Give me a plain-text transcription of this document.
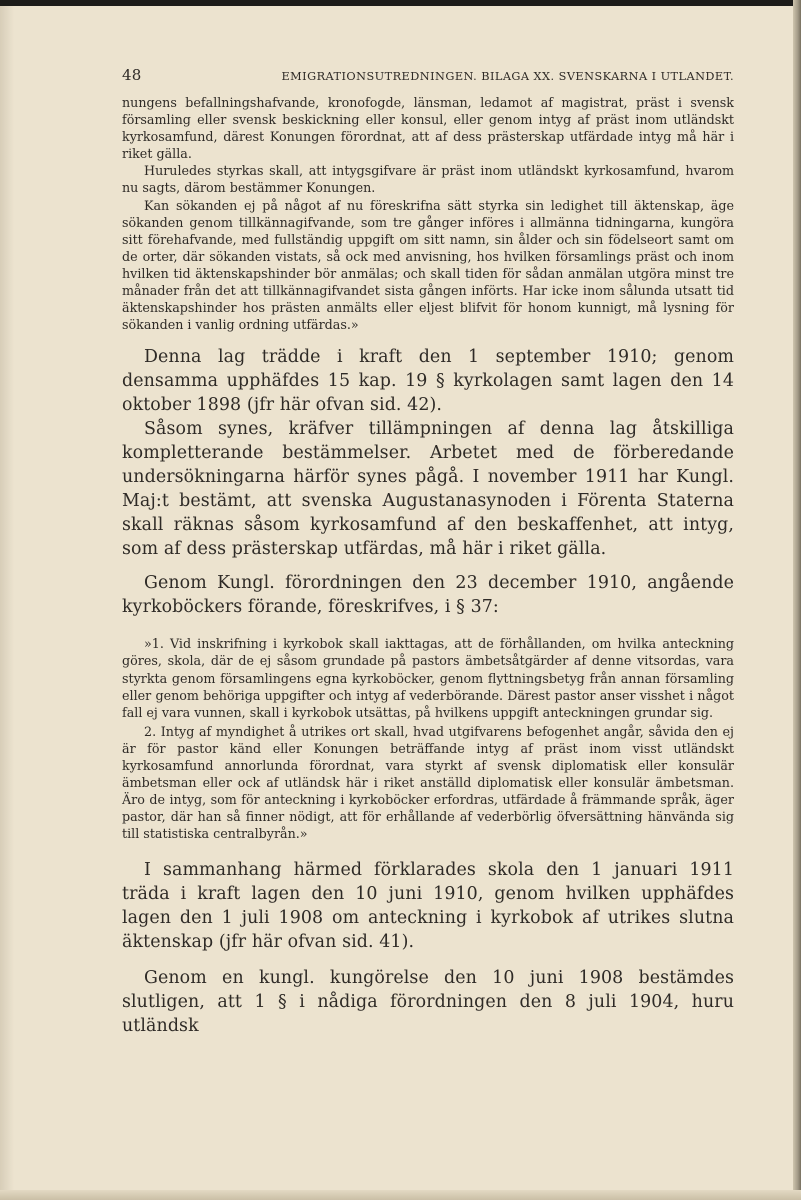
48	EMIGRATIONSUTREDNINGEN. BILAGA XX. SVENSKARNA I UTLANDET.

nungens befallningshafvande, kronofogde, länsman, ledamot af magistrat, präst i svensk församling eller svensk beskickning eller konsul, eller genom intyg af präst inom utländskt kyrkosamfund, därest Konungen förordnat, att af dess prästerskap utfärdade intyg må här i riket gälla.

Huruledes styrkas skall, att intygsgifvare är präst inom utländskt kyrkosamfund, hvarom nu sagts, därom bestämmer Konungen.

Kan sökanden ej på något af nu föreskrifna sätt styrka sin ledighet till äktenskap, äge sökanden genom tillkännagifvande, som tre gånger införes i allmänna tidningarna, kungöra sitt förehafvande, med fullständig uppgift om sitt namn, sin ålder och sin födelseort samt om de orter, där sökanden vistats, så ock med anvisning, hos hvilken församlings präst och inom hvilken tid äktenskapshinder bör anmälas; och skall tiden för sådan anmälan utgöra minst tre månader från det att tillkännagifvandet sista gången införts. Har icke inom sålunda utsatt tid äktenskapshinder hos prästen anmälts eller eljest blifvit för honom kunnigt, må lysning för sökanden i vanlig ordning utfärdas.»

Denna lag trädde i kraft den 1 september 1910; genom densamma upphäfdes 15 kap. 19 § kyrkolagen samt lagen den 14 oktober 1898 (jfr här ofvan sid. 42).

Såsom synes, kräfver tillämpningen af denna lag åtskilliga kompletterande bestämmelser. Arbetet med de förberedande undersökningarna härför synes pågå. I november 1911 har Kungl. Maj:t bestämt, att svenska Augustanasynoden i Förenta Staterna skall räknas såsom kyrkosamfund af den beskaffenhet, att intyg, som af dess prästerskap utfärdas, må här i riket gälla.

Genom Kungl. förordningen den 23 december 1910, angående kyrkoböckers förande, föreskrifves, i § 37:

»1. Vid inskrifning i kyrkobok skall iakttagas, att de förhållanden, om hvilka anteckning göres, skola, där de ej såsom grundade på pastors ämbetsåtgärder af denne vitsordas, vara styrkta genom församlingens egna kyrkoböcker, genom flyttningsbetyg från annan församling eller genom behöriga uppgifter och intyg af vederbörande. Därest pastor anser visshet i något fall ej vara vunnen, skall i kyrkobok utsättas, på hvilkens uppgift anteckningen grundar sig.

2. Intyg af myndighet å utrikes ort skall, hvad utgifvarens befogenhet angår, såvida den ej är för pastor känd eller Konungen beträffande intyg af präst inom visst utländskt kyrkosamfund annorlunda förordnat, vara styrkt af svensk diplomatisk eller konsulär ämbetsman eller ock af utländsk här i riket anställd diplomatisk eller konsulär ämbetsman. Äro de intyg, som för anteckning i kyrkoböcker erfordras, utfärdade å främmande språk, äger pastor, där han så finner nödigt, att för erhållande af vederbörlig öfversättning hänvända sig till statistiska centralbyrån.»

I sammanhang härmed förklarades skola den 1 januari 1911 träda i kraft lagen den 10 juni 1910, genom hvilken upphäfdes lagen den 1 juli 1908 om anteckning i kyrkobok af utrikes slutna äktenskap (jfr här ofvan sid. 41).

Genom en kungl. kungörelse den 10 juni 1908 bestämdes slutligen, att 1 § i nådiga förordningen den 8 juli 1904, huru utländsk
